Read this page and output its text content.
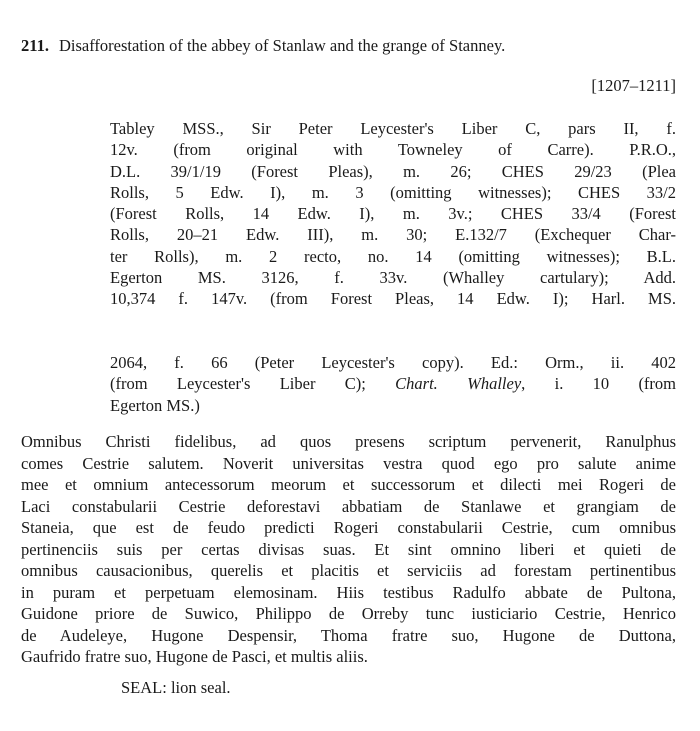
211. Disafforestation of the abbey of Stanlaw and the grange of Stanney.
[1207–1211]
Tabley MSS., Sir Peter Leycester's Liber C, pars II, f.
12v. (from original with Towneley of Carre). P.R.O.,
D.L. 39/1/19 (Forest Pleas), m. 26; CHES 29/23 (Plea
Rolls, 5 Edw. I), m. 3 (omitting witnesses); CHES 33/2
(Forest Rolls, 14 Edw. I), m. 3v.; CHES 33/4 (Forest
Rolls, 20–21 Edw. III), m. 30; E.132/7 (Exchequer Char-
ter Rolls), m. 2 recto, no. 14 (omitting witnesses); B.L.
Egerton MS. 3126, f. 33v. (Whalley cartulary); Add.
10,374 f. 147v. (from Forest Pleas, 14 Edw. I); Harl. MS.
2064, f. 66 (Peter Leycester's copy). Ed.: Orm., ii. 402
(from Leycester's Liber C); Chart. Whalley, i. 10 (from
Egerton MS.)
Omnibus Christi fidelibus, ad quos presens scriptum pervenerit, Ranulphus
comes Cestrie salutem. Noverit universitas vestra quod ego pro salute anime
mee et omnium antecessorum meorum et successorum et dilecti mei Rogeri de
Laci constabularii Cestrie deforestavi abbatiam de Stanlawe et grangiam de
Staneia, que est de feudo predicti Rogeri constabularii Cestrie, cum omnibus
pertinenciis suis per certas divisas suas. Et sint omnino liberi et quieti de
omnibus causacionibus, querelis et placitis et serviciis ad forestam pertinentibus
in puram et perpetuam elemosinam. Hiis testibus Radulfo abbate de Pultona,
Guidone priore de Suwico, Philippo de Orreby tunc iusticiario Cestrie, Henrico
de Audeleye, Hugone Despensir, Thoma fratre suo, Hugone de Duttona,
Gaufrido fratre suo, Hugone de Pasci, et multis aliis.
SEAL: lion seal.
